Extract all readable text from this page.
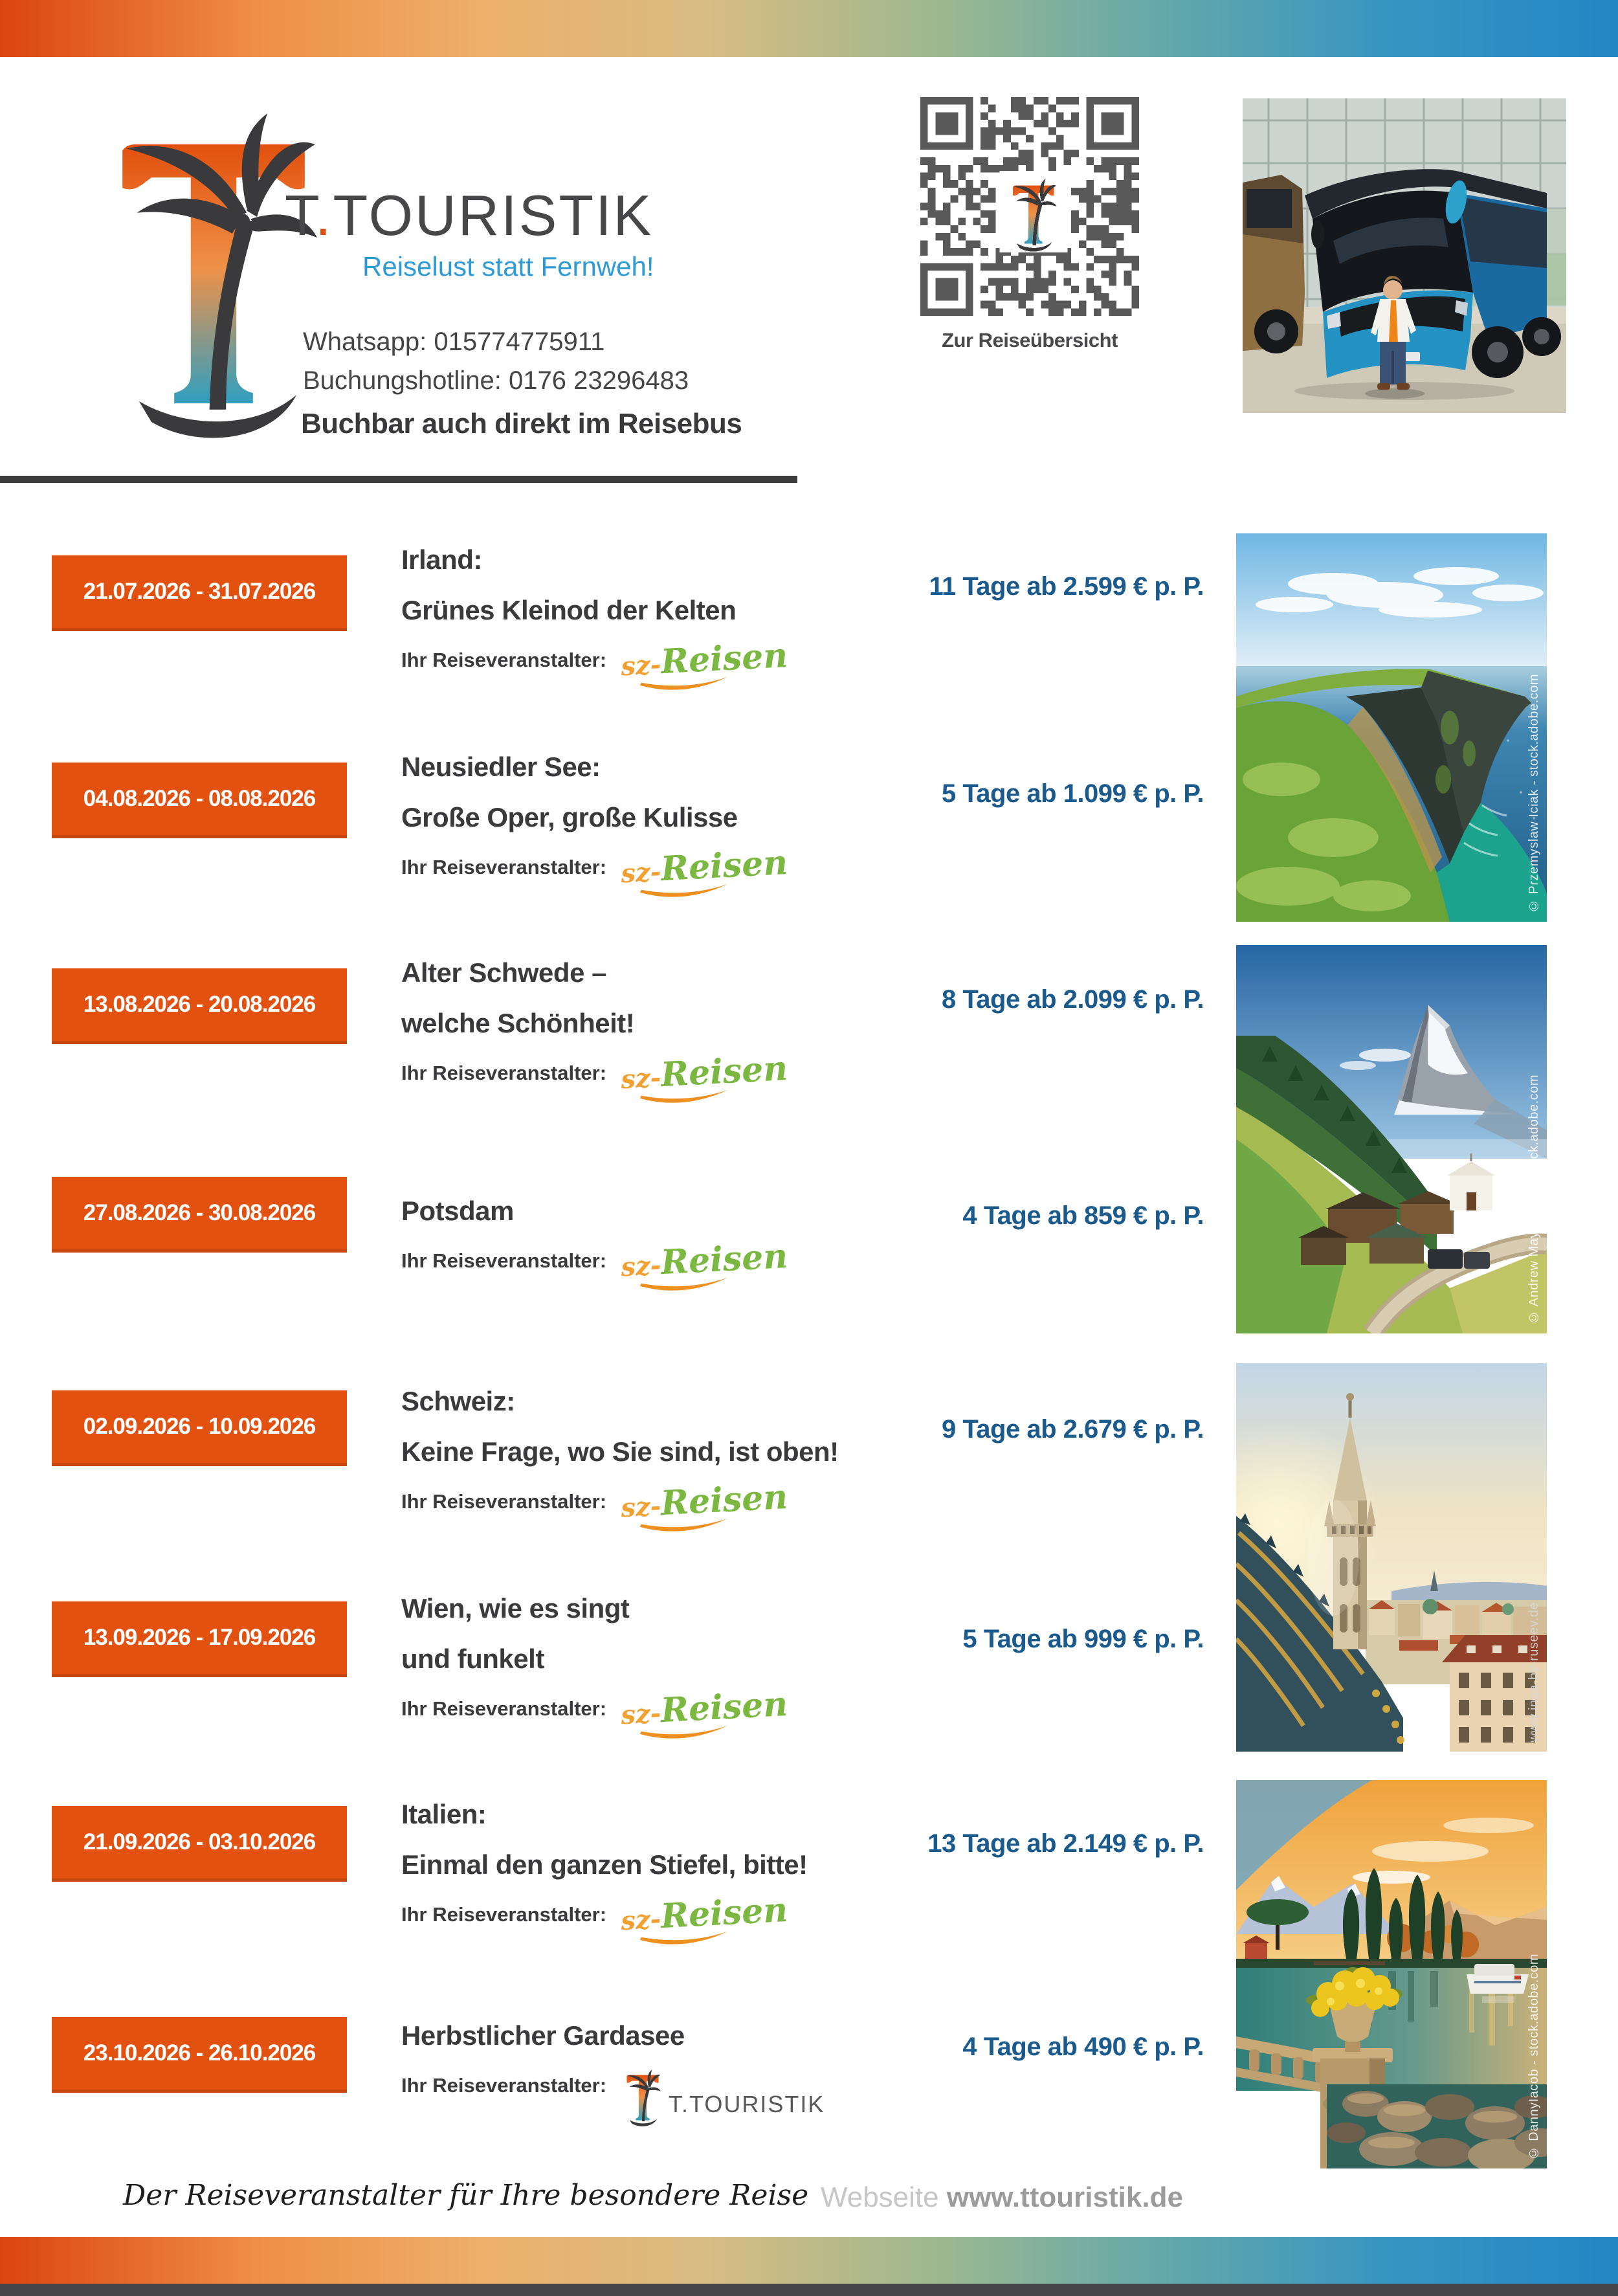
T.TOURISTIK
Reiselust statt Fernweh!
Whatsapp: 015774775911
Buchungshotline: 0176 23296483
Buchbar auch direkt im Reisebus
Zur Reiseübersicht
21.07.2026 - 31.07.2026
Irland:
Grünes Kleinod der Kelten
Ihr Reiseveranstalter: sz-Reisen
11 Tage ab 2.599 € p. P.
04.08.2026 - 08.08.2026
Neusiedler See:
Große Oper, große Kulisse
Ihr Reiseveranstalter: sz-Reisen
5 Tage ab 1.099 € p. P.
13.08.2026 - 20.08.2026
Alter Schwede –
welche Schönheit!
Ihr Reiseveranstalter: sz-Reisen
8 Tage ab 2.099 € p. P.
27.08.2026 - 30.08.2026	Potsdam
Ihr Reiseveranstalter: sz-Reisen
4 Tage ab 859 € p. P.
02.09.2026 - 10.09.2026
Schweiz:
Keine Frage, wo Sie sind, ist oben!
Ihr Reiseveranstalter: sz-Reisen
9 Tage ab 2.679 € p. P.
13.09.2026 - 17.09.2026
Wien, wie es singt
und funkelt
Ihr Reiseveranstalter: sz-Reisen
5 Tage ab 999 € p. P.
21.09.2026 - 03.10.2026
Italien:
Einmal den ganzen Stiefel, bitte!
Ihr Reiseveranstalter: sz-Reisen
13 Tage ab 2.149 € p. P.
23.10.2026 - 26.10.2026
Herbstlicher Gardasee
Ihr Reiseveranstalter:
T.TOURISTIK
4 Tage ab 490 € p. P.
© Przemyslaw Iciak - stock.adobe.com
© Andrew Mayovskyy - stock.adobe.com
www.inga-by-ruseev.de
© DannyIacob - stock.adobe.com
Der Reiseveranstalter für Ihre besondere Reise Webseite www.ttouristik.de
